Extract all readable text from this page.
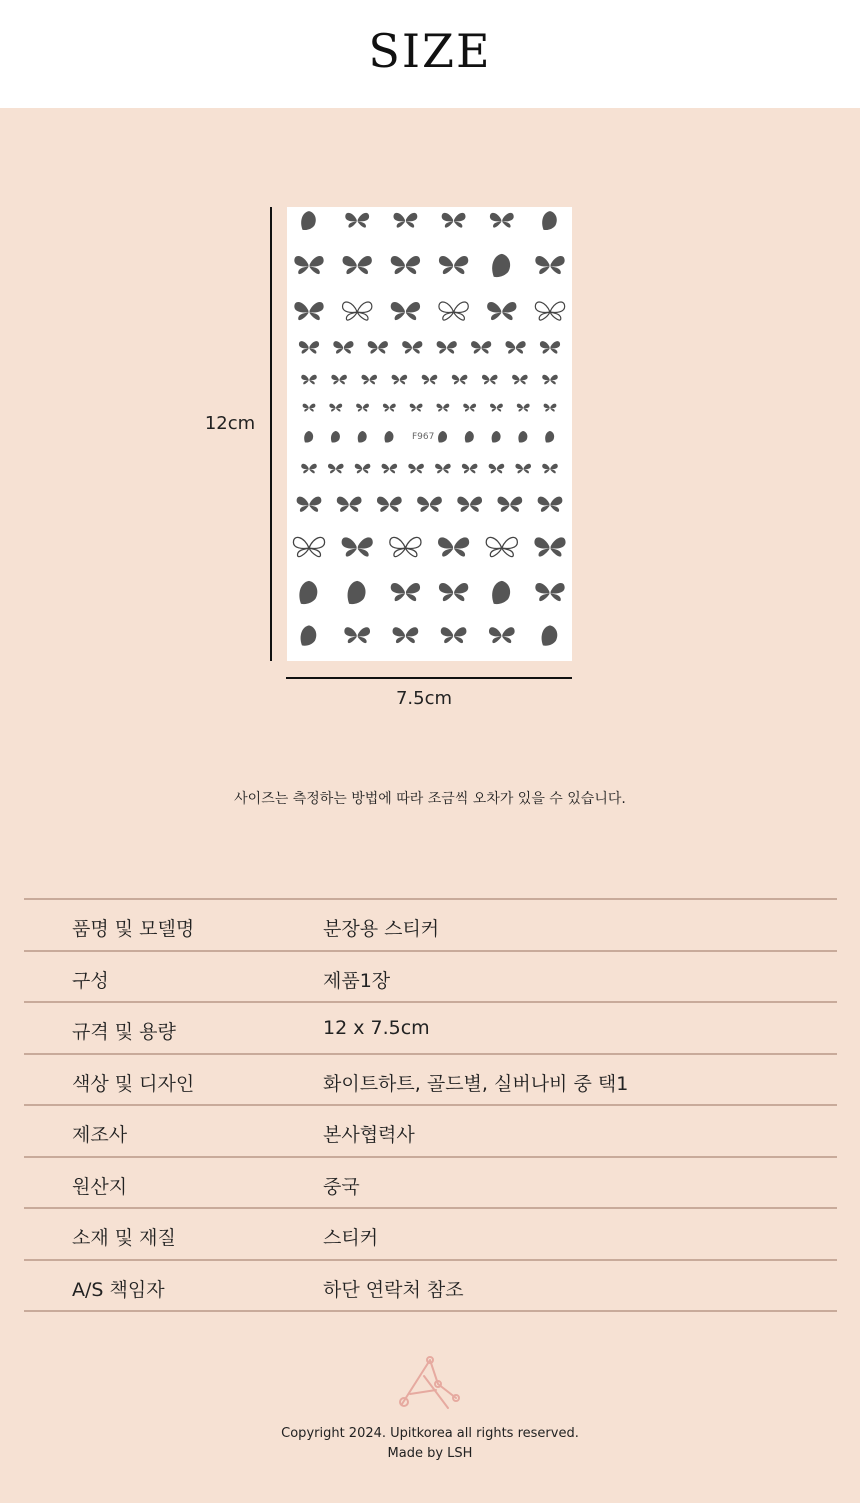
SIZE
12cm
F967
7.5cm
사이즈는 측정하는 방법에 따라 조금씩 오차가 있을 수 있습니다.
품명 및 모델명	분장용 스티커
구성	제품1장
규격 및 용량	12 x 7.5cm
색상 및 디자인	화이트하트, 골드별, 실버나비 중 택1
제조사	본사협력사
원산지	중국
소재 및 재질	스티커
A/S 책임자	하단 연락처 참조
Copyright 2024. Upitkorea all rights reserved.
Made by LSH
